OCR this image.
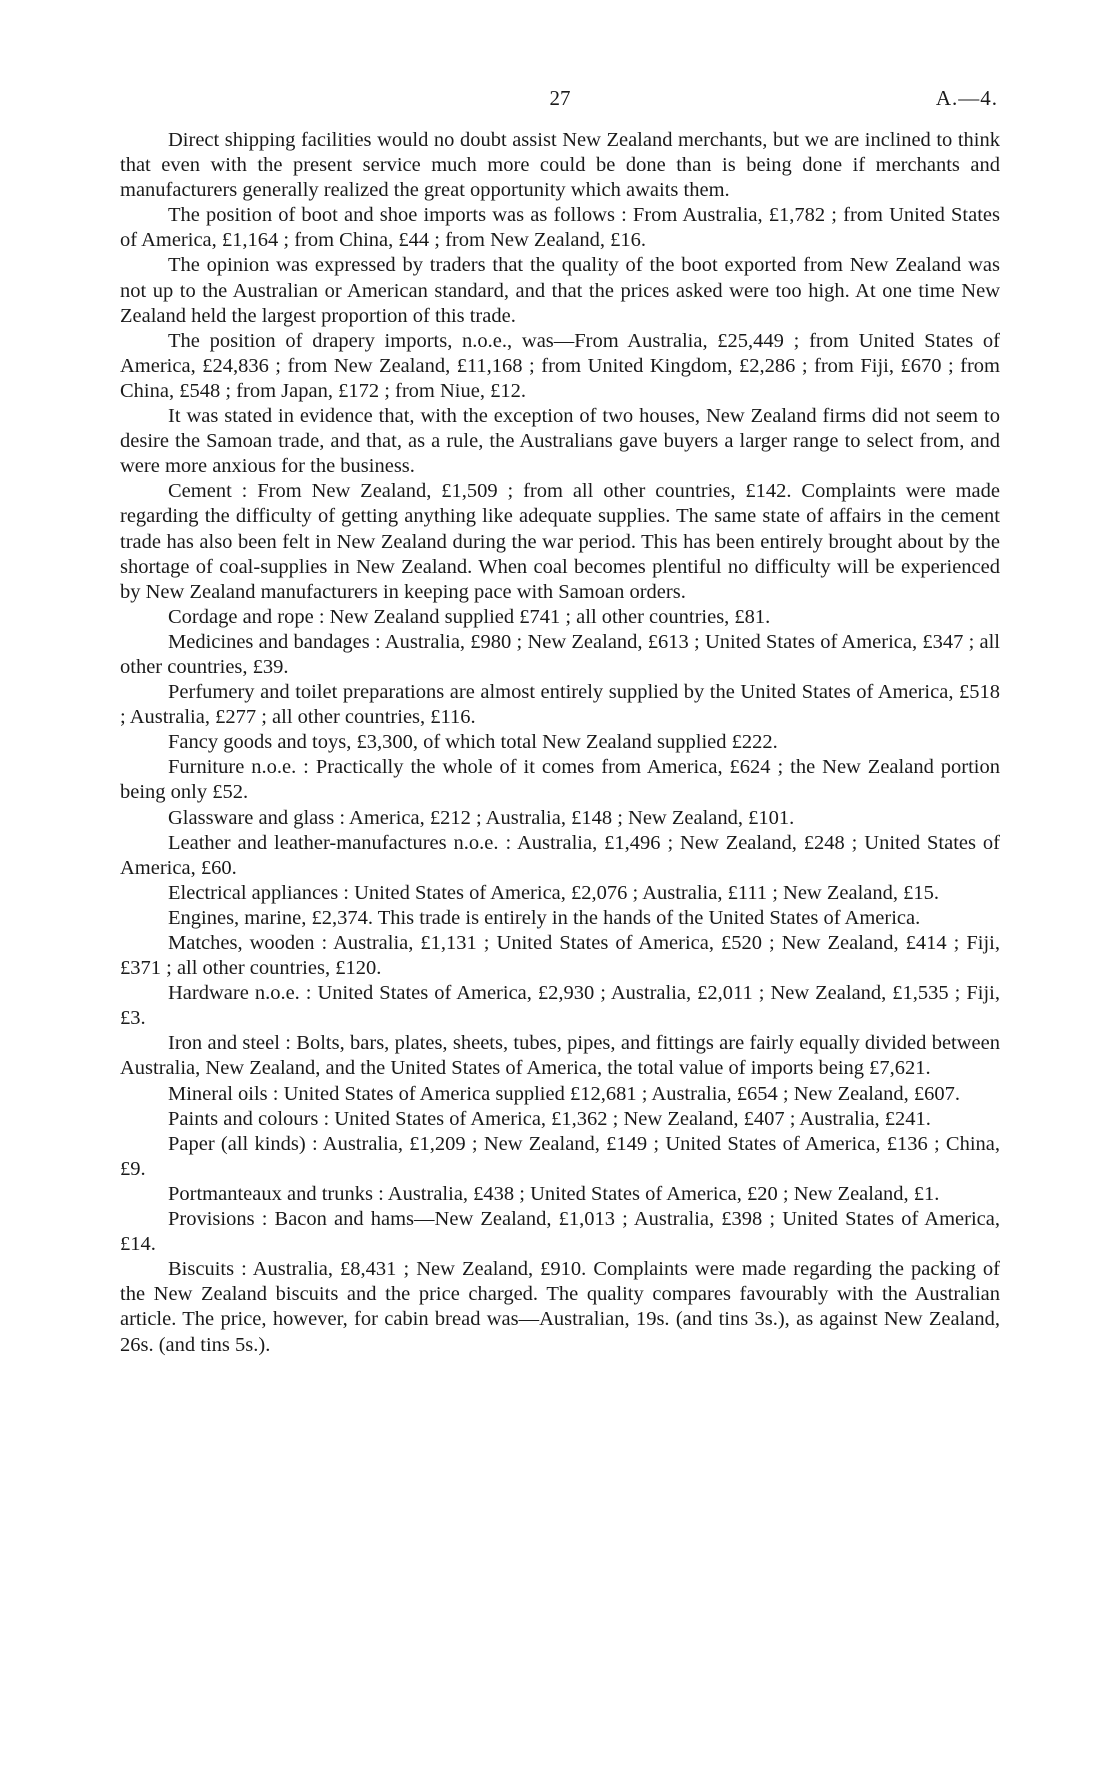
27	A.—4.

Direct shipping facilities would no doubt assist New Zealand merchants, but we are inclined to think that even with the present service much more could be done than is being done if merchants and manufacturers generally realized the great opportunity which awaits them.

The position of boot and shoe imports was as follows : From Australia, £1,782 ; from United States of America, £1,164 ; from China, £44 ; from New Zealand, £16.

The opinion was expressed by traders that the quality of the boot exported from New Zealand was not up to the Australian or American standard, and that the prices asked were too high. At one time New Zealand held the largest proportion of this trade.

The position of drapery imports, n.o.e., was—From Australia, £25,449 ; from United States of America, £24,836 ; from New Zealand, £11,168 ; from United Kingdom, £2,286 ; from Fiji, £670 ; from China, £548 ; from Japan, £172 ; from Niue, £12.

It was stated in evidence that, with the exception of two houses, New Zealand firms did not seem to desire the Samoan trade, and that, as a rule, the Australians gave buyers a larger range to select from, and were more anxious for the business.

Cement : From New Zealand, £1,509 ; from all other countries, £142. Complaints were made regarding the difficulty of getting anything like adequate supplies. The same state of affairs in the cement trade has also been felt in New Zealand during the war period. This has been entirely brought about by the shortage of coal-supplies in New Zealand. When coal becomes plentiful no difficulty will be experienced by New Zealand manufacturers in keeping pace with Samoan orders.

Cordage and rope : New Zealand supplied £741 ; all other countries, £81.

Medicines and bandages : Australia, £980 ; New Zealand, £613 ; United States of America, £347 ; all other countries, £39.

Perfumery and toilet preparations are almost entirely supplied by the United States of America, £518 ; Australia, £277 ; all other countries, £116.

Fancy goods and toys, £3,300, of which total New Zealand supplied £222.

Furniture n.o.e. : Practically the whole of it comes from America, £624 ; the New Zealand portion being only £52.

Glassware and glass : America, £212 ; Australia, £148 ; New Zealand, £101.

Leather and leather-manufactures n.o.e. : Australia, £1,496 ; New Zealand, £248 ; United States of America, £60.

Electrical appliances : United States of America, £2,076 ; Australia, £111 ; New Zealand, £15.

Engines, marine, £2,374. This trade is entirely in the hands of the United States of America.

Matches, wooden : Australia, £1,131 ; United States of America, £520 ; New Zealand, £414 ; Fiji, £371 ; all other countries, £120.

Hardware n.o.e. : United States of America, £2,930 ; Australia, £2,011 ; New Zealand, £1,535 ; Fiji, £3.

Iron and steel : Bolts, bars, plates, sheets, tubes, pipes, and fittings are fairly equally divided between Australia, New Zealand, and the United States of America, the total value of imports being £7,621.

Mineral oils : United States of America supplied £12,681 ; Australia, £654 ; New Zealand, £607.

Paints and colours : United States of America, £1,362 ; New Zealand, £407 ; Australia, £241.

Paper (all kinds) : Australia, £1,209 ; New Zealand, £149 ; United States of America, £136 ; China, £9.

Portmanteaux and trunks : Australia, £438 ; United States of America, £20 ; New Zealand, £1.

Provisions : Bacon and hams—New Zealand, £1,013 ; Australia, £398 ; United States of America, £14.

Biscuits : Australia, £8,431 ; New Zealand, £910. Complaints were made regarding the packing of the New Zealand biscuits and the price charged. The quality compares favourably with the Australian article. The price, however, for cabin bread was—Australian, 19s. (and tins 3s.), as against New Zealand, 26s. (and tins 5s.).
